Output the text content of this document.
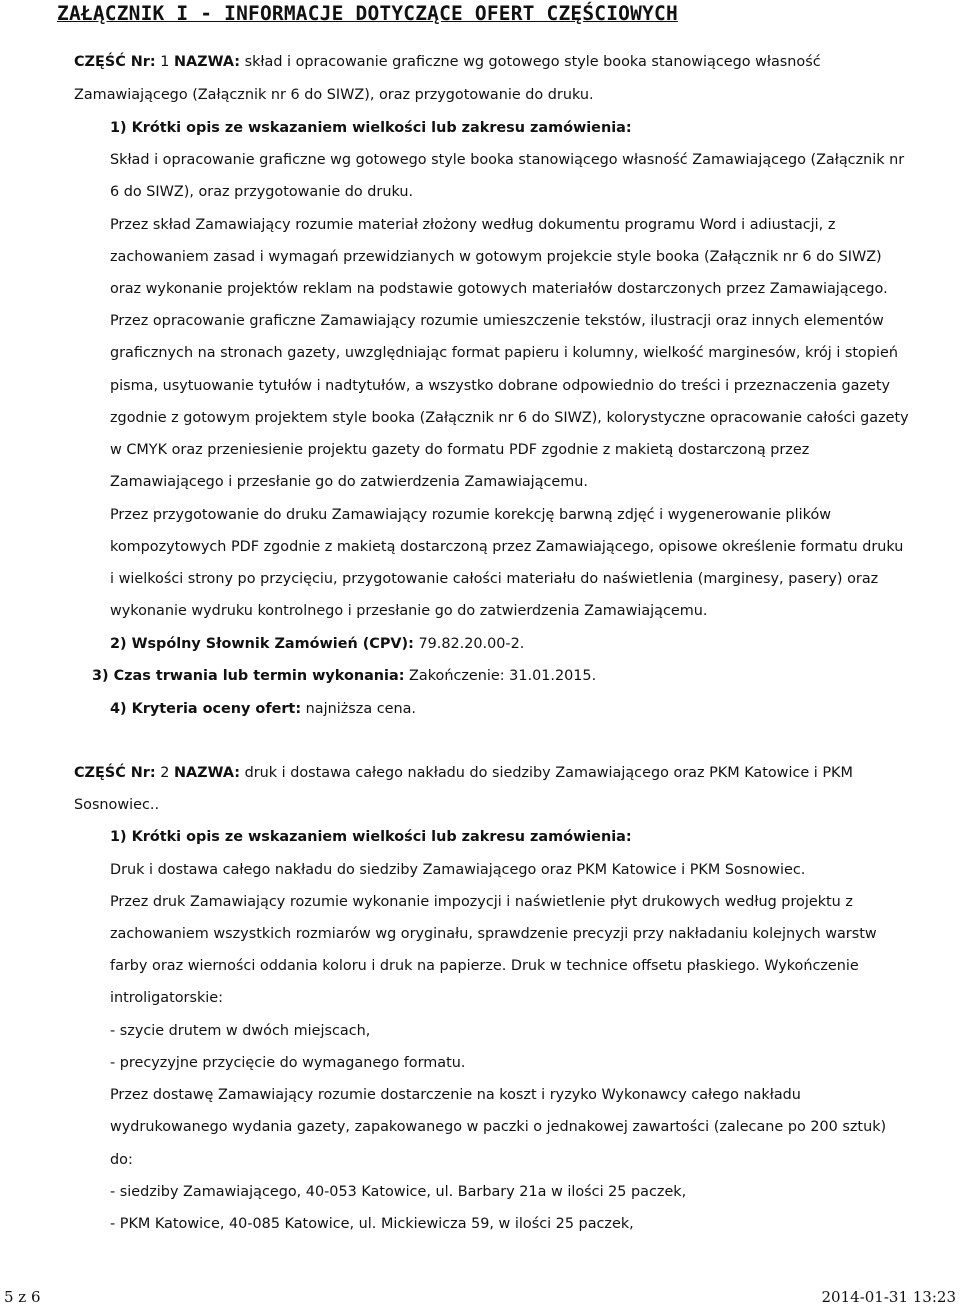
ZAŁĄCZNIK I - INFORMACJE DOTYCZĄCE OFERT CZĘŚCIOWYCH
CZĘŚĆ Nr: 1 NAZWA: skład i opracowanie graficzne wg gotowego style booka stanowiącego własność
Zamawiającego (Załącznik nr 6 do SIWZ), oraz przygotowanie do druku.
1) Krótki opis ze wskazaniem wielkości lub zakresu zamówienia:
Skład i opracowanie graficzne wg gotowego style booka stanowiącego własność Zamawiającego (Załącznik nr
6 do SIWZ), oraz przygotowanie do druku.
Przez skład Zamawiający rozumie materiał złożony według dokumentu programu Word i adiustacji, z
zachowaniem zasad i wymagań przewidzianych w gotowym projekcie style booka (Załącznik nr 6 do SIWZ)
oraz wykonanie projektów reklam na podstawie gotowych materiałów dostarczonych przez Zamawiającego.
Przez opracowanie graficzne Zamawiający rozumie umieszczenie tekstów, ilustracji oraz innych elementów
graficznych na stronach gazety, uwzględniając format papieru i kolumny, wielkość marginesów, krój i stopień
pisma, usytuowanie tytułów i nadtytułów, a wszystko dobrane odpowiednio do treści i przeznaczenia gazety
zgodnie z gotowym projektem style booka (Załącznik nr 6 do SIWZ), kolorystyczne opracowanie całości gazety
w CMYK oraz przeniesienie projektu gazety do formatu PDF zgodnie z makietą dostarczoną przez
Zamawiającego i przesłanie go do zatwierdzenia Zamawiającemu.
Przez przygotowanie do druku Zamawiający rozumie korekcję barwną zdjęć i wygenerowanie plików
kompozytowych PDF zgodnie z makietą dostarczoną przez Zamawiającego, opisowe określenie formatu druku
i wielkości strony po przycięciu, przygotowanie całości materiału do naświetlenia (marginesy, pasery) oraz
wykonanie wydruku kontrolnego i przesłanie go do zatwierdzenia Zamawiającemu.
2) Wspólny Słownik Zamówień (CPV): 79.82.20.00-2.
3) Czas trwania lub termin wykonania: Zakończenie: 31.01.2015.
4) Kryteria oceny ofert: najniższa cena.
CZĘŚĆ Nr: 2 NAZWA: druk i dostawa całego nakładu do siedziby Zamawiającego oraz PKM Katowice i PKM
Sosnowiec..
1) Krótki opis ze wskazaniem wielkości lub zakresu zamówienia:
Druk i dostawa całego nakładu do siedziby Zamawiającego oraz PKM Katowice i PKM Sosnowiec.
Przez druk Zamawiający rozumie wykonanie impozycji i naświetlenie płyt drukowych według projektu z
zachowaniem wszystkich rozmiarów wg oryginału, sprawdzenie precyzji przy nakładaniu kolejnych warstw
farby oraz wierności oddania koloru i druk na papierze. Druk w technice offsetu płaskiego. Wykończenie
introligatorskie:
- szycie drutem w dwóch miejscach,
- precyzyjne przycięcie do wymaganego formatu.
Przez dostawę Zamawiający rozumie dostarczenie na koszt i ryzyko Wykonawcy całego nakładu
wydrukowanego wydania gazety, zapakowanego w paczki o jednakowej zawartości (zalecane po 200 sztuk)
do:
- siedziby Zamawiającego, 40-053 Katowice, ul. Barbary 21a w ilości 25 paczek,
- PKM Katowice, 40-085 Katowice, ul. Mickiewicza 59, w ilości 25 paczek,
5 z 6	2014-01-31 13:23
